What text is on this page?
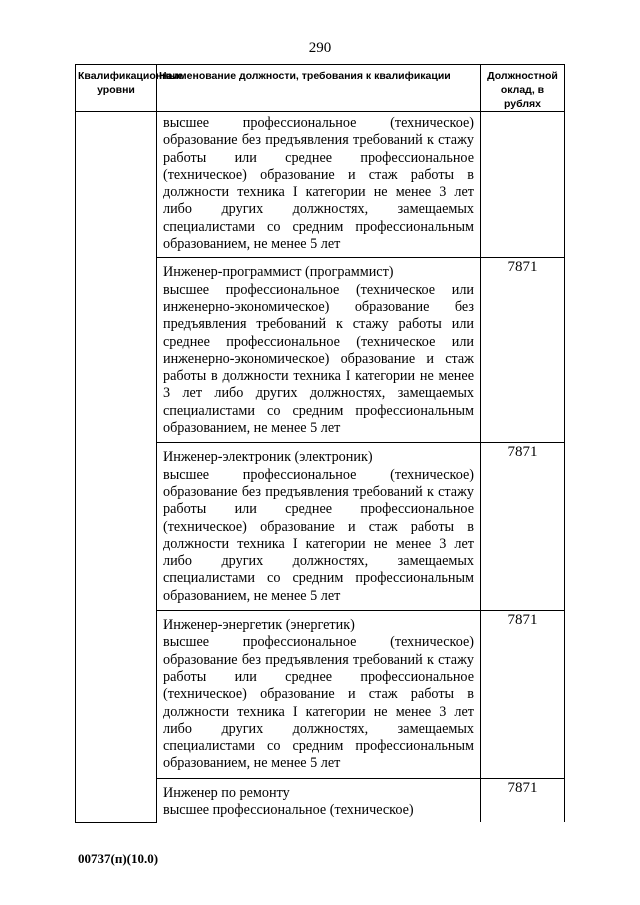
290
Квалификационные уровни	Наименование должности, требования к квалификации	Должностной оклад, в рублях

	высшее профессиональное (техническое) образование без предъявления требований к стажу работы или среднее профессиональное (техническое) образование и стаж работы в должности техника I категории не менее 3 лет либо других должностях, замещаемых специалистами со средним профессиональным образованием, не менее 5 лет	

	Инженер-программист (программист)
высшее профессиональное (техническое или инженерно-экономическое) образование без предъявления требований к стажу работы или среднее профессиональное (техническое или инженерно-экономическое) образование и стаж работы в должности техника I категории не менее 3 лет либо других должностях, замещаемых специалистами со средним профессиональным образованием, не менее 5 лет	7871

	Инженер-электроник (электроник)
высшее профессиональное (техническое) образование без предъявления требований к стажу работы или среднее профессиональное (техническое) образование и стаж работы в должности техника I категории не менее 3 лет либо других должностях, замещаемых специалистами со средним профессиональным образованием, не менее 5 лет	7871

	Инженер-энергетик (энергетик)
высшее профессиональное (техническое) образование без предъявления требований к стажу работы или среднее профессиональное (техническое) образование и стаж работы в должности техника I категории не менее 3 лет либо других должностях, замещаемых специалистами со средним профессиональным образованием, не менее 5 лет	7871

	Инженер по ремонту
высшее профессиональное (техническое)	7871
00737(п)(10.0)
